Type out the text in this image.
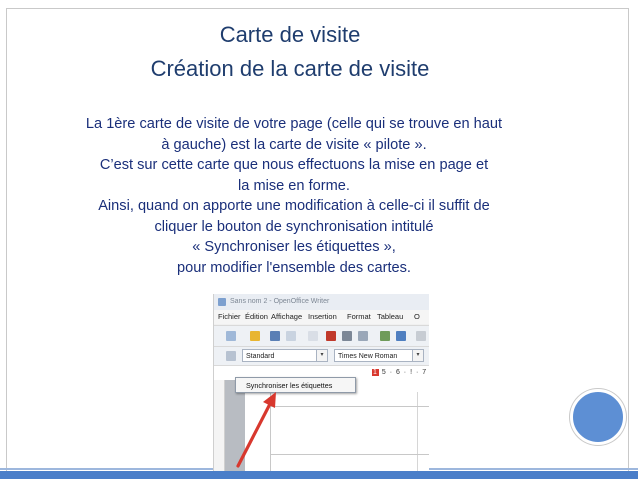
Carte de visite
Création de la carte de visite
La 1ère carte de visite de votre page (celle qui se trouve en haut
à gauche) est la carte de visite « pilote ».
C’est sur cette carte que nous effectuons la mise en page et
la mise en forme.
Ainsi, quand on apporte une modification à celle-ci il suffit de
cliquer le bouton de synchronisation intitulé
« Synchroniser les étiquettes »,
pour modifier l'ensemble des cartes.
Sans nom 2 - OpenOffice Writer
Fichier Édition Affichage Insertion Format Tableau O
Standard	▾	Times New Roman	▾
1 5 · 6 · ! · 7
Synchroniser les étiquettes
